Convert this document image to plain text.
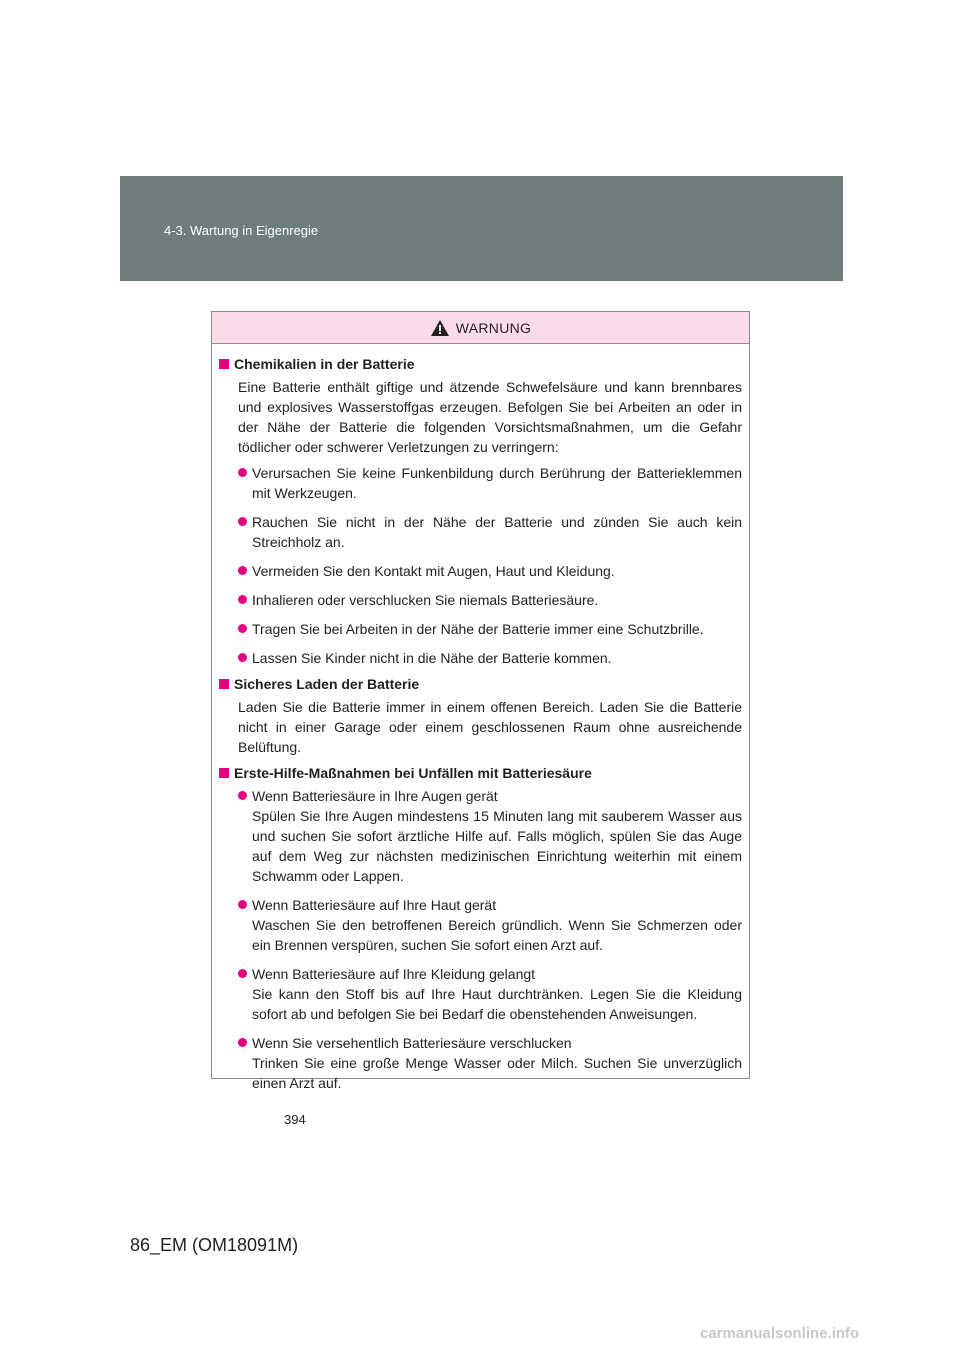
4-3. Wartung in Eigenregie
WARNUNG
Chemikalien in der Batterie
Eine Batterie enthält giftige und ätzende Schwefelsäure und kann brennbares und explosives Wasserstoffgas erzeugen. Befolgen Sie bei Arbeiten an oder in der Nähe der Batterie die folgenden Vorsichtsmaßnahmen, um die Gefahr tödlicher oder schwerer Verletzungen zu verringern:
Verursachen Sie keine Funkenbildung durch Berührung der Batterieklemmen mit Werkzeugen.
Rauchen Sie nicht in der Nähe der Batterie und zünden Sie auch kein Streichholz an.
Vermeiden Sie den Kontakt mit Augen, Haut und Kleidung.
Inhalieren oder verschlucken Sie niemals Batteriesäure.
Tragen Sie bei Arbeiten in der Nähe der Batterie immer eine Schutzbrille.
Lassen Sie Kinder nicht in die Nähe der Batterie kommen.
Sicheres Laden der Batterie
Laden Sie die Batterie immer in einem offenen Bereich. Laden Sie die Batterie nicht in einer Garage oder einem geschlossenen Raum ohne ausreichende Belüftung.
Erste-Hilfe-Maßnahmen bei Unfällen mit Batteriesäure
Wenn Batteriesäure in Ihre Augen gerät
Spülen Sie Ihre Augen mindestens 15 Minuten lang mit sauberem Wasser aus und suchen Sie sofort ärztliche Hilfe auf. Falls möglich, spülen Sie das Auge auf dem Weg zur nächsten medizinischen Einrichtung weiterhin mit einem Schwamm oder Lappen.
Wenn Batteriesäure auf Ihre Haut gerät
Waschen Sie den betroffenen Bereich gründlich. Wenn Sie Schmerzen oder ein Brennen verspüren, suchen Sie sofort einen Arzt auf.
Wenn Batteriesäure auf Ihre Kleidung gelangt
Sie kann den Stoff bis auf Ihre Haut durchtränken. Legen Sie die Kleidung sofort ab und befolgen Sie bei Bedarf die obenstehenden Anweisungen.
Wenn Sie versehentlich Batteriesäure verschlucken
Trinken Sie eine große Menge Wasser oder Milch. Suchen Sie unverzüglich einen Arzt auf.
394
86_EM (OM18091M)
carmanualsonline.info
